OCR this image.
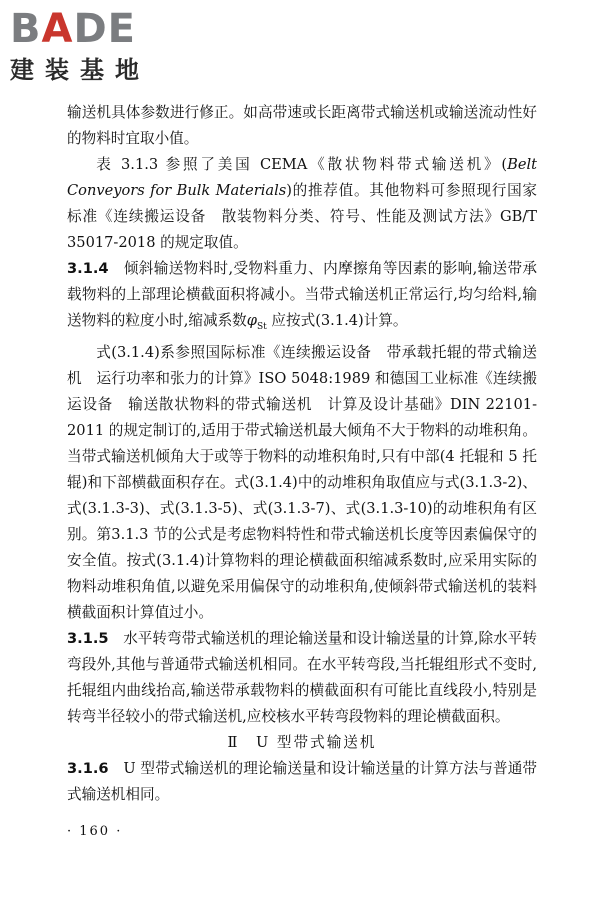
BADE
建装基地
输送机具体参数进行修正。如高带速或长距离带式输送机或输送流动性好的物料时宜取小值。
表 3.1.3 参照了美国 CEMA《散状物料带式输送机》(Belt Conveyors for Bulk Materials)的推荐值。其他物料可参照现行国家标准《连续搬运设备　散装物料分类、符号、性能及测试方法》GB/T 35017-2018 的规定取值。
3.1.4　倾斜输送物料时,受物料重力、内摩擦角等因素的影响,输送带承载物料的上部理论横截面积将减小。当带式输送机正常运行,均匀给料,输送物料的粒度小时,缩减系数$\varphi_{St}$ 应按式(3.1.4)计算。
式(3.1.4)系参照国际标准《连续搬运设备　带承载托辊的带式输送机　运行功率和张力的计算》ISO 5048:1989 和德国工业标准《连续搬运设备　输送散状物料的带式输送机　计算及设计基础》DIN 22101-2011 的规定制订的,适用于带式输送机最大倾角不大于物料的动堆积角。当带式输送机倾角大于或等于物料的动堆积角时,只有中部(4 托辊和 5 托辊)和下部横截面积存在。式(3.1.4)中的动堆积角取值应与式(3.1.3-2)、式(3.1.3-3)、式(3.1.3-5)、式(3.1.3-7)、式(3.1.3-10)的动堆积角有区别。第3.1.3 节的公式是考虑物料特性和带式输送机长度等因素偏保守的安全值。按式(3.1.4)计算物料的理论横截面积缩减系数时,应采用实际的物料动堆积角值,以避免采用偏保守的动堆积角,使倾斜带式输送机的装料横截面积计算值过小。
3.1.5　水平转弯带式输送机的理论输送量和设计输送量的计算,除水平转弯段外,其他与普通带式输送机相同。在水平转弯段,当托辊组形式不变时,托辊组内曲线抬高,输送带承载物料的横截面积有可能比直线段小,特别是转弯半径较小的带式输送机,应校核水平转弯段物料的理论横截面积。
Ⅱ　U 型带式输送机
3.1.6　U 型带式输送机的理论输送量和设计输送量的计算方法与普通带式输送机相同。
· 160 ·
